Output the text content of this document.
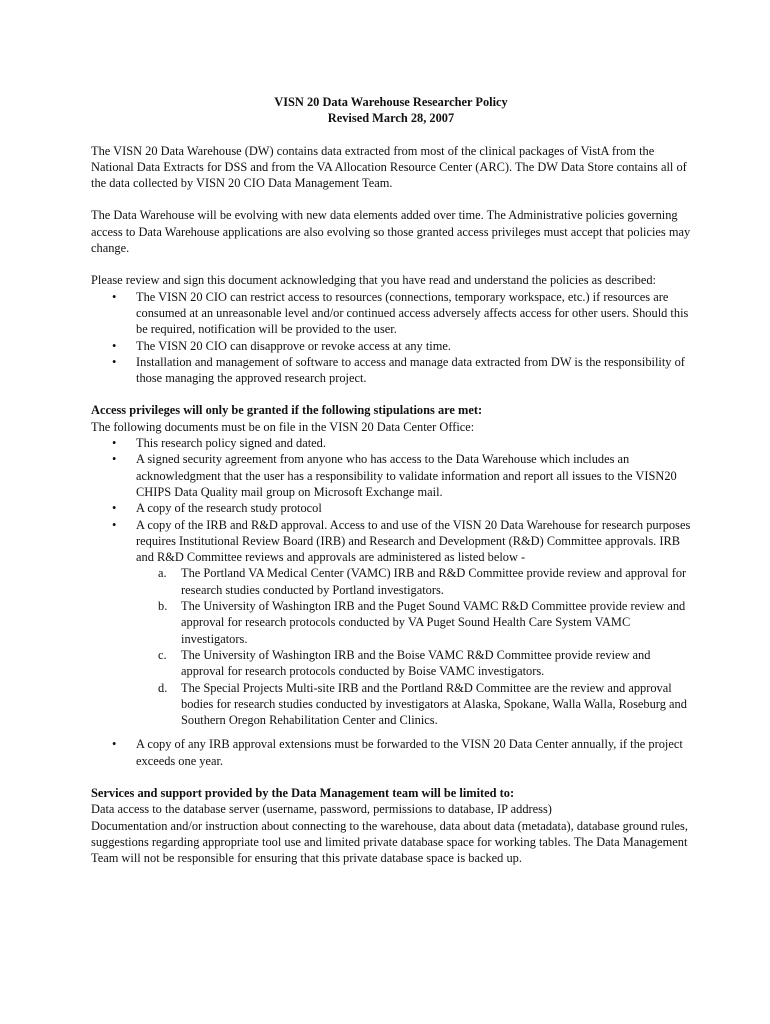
VISN 20 Data Warehouse Researcher Policy

Revised March 28, 2007

The VISN 20 Data Warehouse (DW) contains data extracted from most of the clinical packages of VistA from the National Data Extracts for DSS and from the VA Allocation Resource Center (ARC). The DW Data Store contains all of the data collected by VISN 20 CIO Data Management Team.

The Data Warehouse will be evolving with new data elements added over time. The Administrative policies governing access to Data Warehouse applications are also evolving so those granted access privileges must accept that policies may change.

Please review and sign this document acknowledging that you have read and understand the policies as described:

• The VISN 20 CIO can restrict access to resources (connections, temporary workspace, etc.) if resources are consumed at an unreasonable level and/or continued access adversely affects access for other users. Should this be required, notification will be provided to the user.
• The VISN 20 CIO can disapprove or revoke access at any time.
• Installation and management of software to access and manage data extracted from DW is the responsibility of those managing the approved research project.

Access privileges will only be granted if the following stipulations are met:

The following documents must be on file in the VISN 20 Data Center Office:

• This research policy signed and dated.
• A signed security agreement from anyone who has access to the Data Warehouse which includes an acknowledgment that the user has a responsibility to validate information and report all issues to the VISN20 CHIPS Data Quality mail group on Microsoft Exchange mail.
• A copy of the research study protocol
• A copy of the IRB and R&D approval. Access to and use of the VISN 20 Data Warehouse for research purposes requires Institutional Review Board (IRB) and Research and Development (R&D) Committee approvals. IRB and R&D Committee reviews and approvals are administered as listed below -
a. The Portland VA Medical Center (VAMC) IRB and R&D Committee provide review and approval for research studies conducted by Portland investigators.
b. The University of Washington IRB and the Puget Sound VAMC R&D Committee provide review and approval for research protocols conducted by VA Puget Sound Health Care System VAMC investigators.
c. The University of Washington IRB and the Boise VAMC R&D Committee provide review and approval for research protocols conducted by Boise VAMC investigators.
d. The Special Projects Multi-site IRB and the Portland R&D Committee are the review and approval bodies for research studies conducted by investigators at Alaska, Spokane, Walla Walla, Roseburg and Southern Oregon Rehabilitation Center and Clinics.
• A copy of any IRB approval extensions must be forwarded to the VISN 20 Data Center annually, if the project exceeds one year.

Services and support provided by the Data Management team will be limited to:

Data access to the database server (username, password, permissions to database, IP address)

Documentation and/or instruction about connecting to the warehouse, data about data (metadata), database ground rules, suggestions regarding appropriate tool use and limited private database space for working tables. The Data Management Team will not be responsible for ensuring that this private database space is backed up.
